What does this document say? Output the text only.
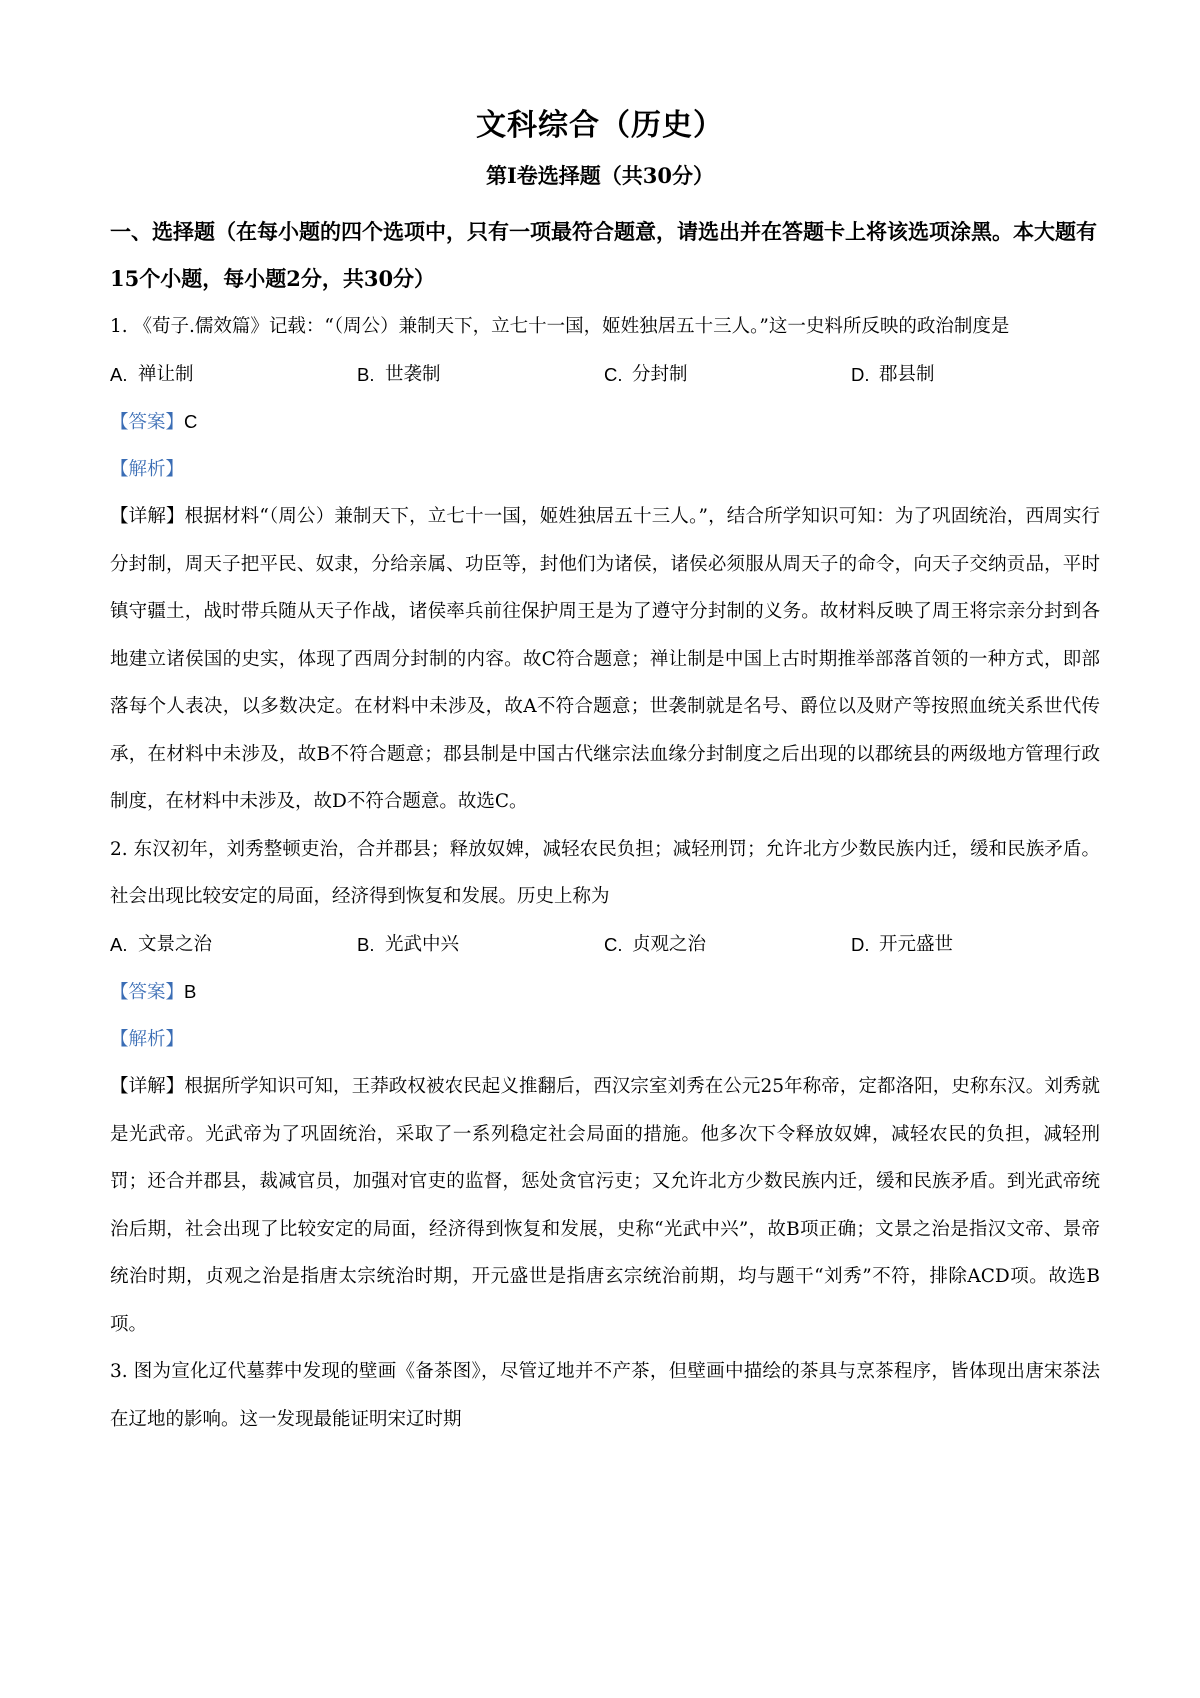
文科综合（历史）
第Ⅰ卷选择题（共30分）
一、选择题（在每小题的四个选项中，只有一项最符合题意，请选出并在答题卡上将该选项涂黑。本大题有15个小题，每小题2分，共30分）

1. 《荀子.儒效篇》记载：“（周公）兼制天下，立七十一国，姬姓独居五十三人。”这一史料所反映的政治制度是

A. 禅让制	B. 世袭制	C. 分封制	D. 郡县制
【答案】C
【解析】

【详解】根据材料“（周公）兼制天下，立七十一国，姬姓独居五十三人。”，结合所学知识可知：为了巩固统治，西周实行分封制，周天子把平民、奴隶，分给亲属、功臣等，封他们为诸侯，诸侯必须服从周天子的命令，向天子交纳贡品，平时镇守疆土，战时带兵随从天子作战，诸侯率兵前往保护周王是为了遵守分封制的义务。故材料反映了周王将宗亲分封到各地建立诸侯国的史实，体现了西周分封制的内容。故C符合题意；禅让制是中国上古时期推举部落首领的一种方式，即部落每个人表决，以多数决定。在材料中未涉及，故A不符合题意；世袭制就是名号、爵位以及财产等按照血统关系世代传承，在材料中未涉及，故B不符合题意；郡县制是中国古代继宗法血缘分封制度之后出现的以郡统县的两级地方管理行政制度，在材料中未涉及，故D不符合题意。故选C。

2. 东汉初年，刘秀整顿吏治，合并郡县；释放奴婢，减轻农民负担；减轻刑罚；允许北方少数民族内迁，缓和民族矛盾。社会出现比较安定的局面，经济得到恢复和发展。历史上称为

A. 文景之治	B. 光武中兴	C. 贞观之治	D. 开元盛世
【答案】B
【解析】

【详解】根据所学知识可知，王莽政权被农民起义推翻后，西汉宗室刘秀在公元25年称帝，定都洛阳，史称东汉。刘秀就是光武帝。光武帝为了巩固统治，采取了一系列稳定社会局面的措施。他多次下令释放奴婢，减轻农民的负担，减轻刑罚；还合并郡县，裁减官员，加强对官吏的监督，惩处贪官污吏；又允许北方少数民族内迁，缓和民族矛盾。到光武帝统治后期，社会出现了比较安定的局面，经济得到恢复和发展，史称“光武中兴”，故B项正确；文景之治是指汉文帝、景帝统治时期，贞观之治是指唐太宗统治时期，开元盛世是指唐玄宗统治前期，均与题干“刘秀”不符，排除ACD项。故选B项。

3. 图为宣化辽代墓葬中发现的壁画《备茶图》，尽管辽地并不产茶，但壁画中描绘的茶具与烹茶程序，皆体现出唐宋茶法在辽地的影响。这一发现最能证明宋辽时期
